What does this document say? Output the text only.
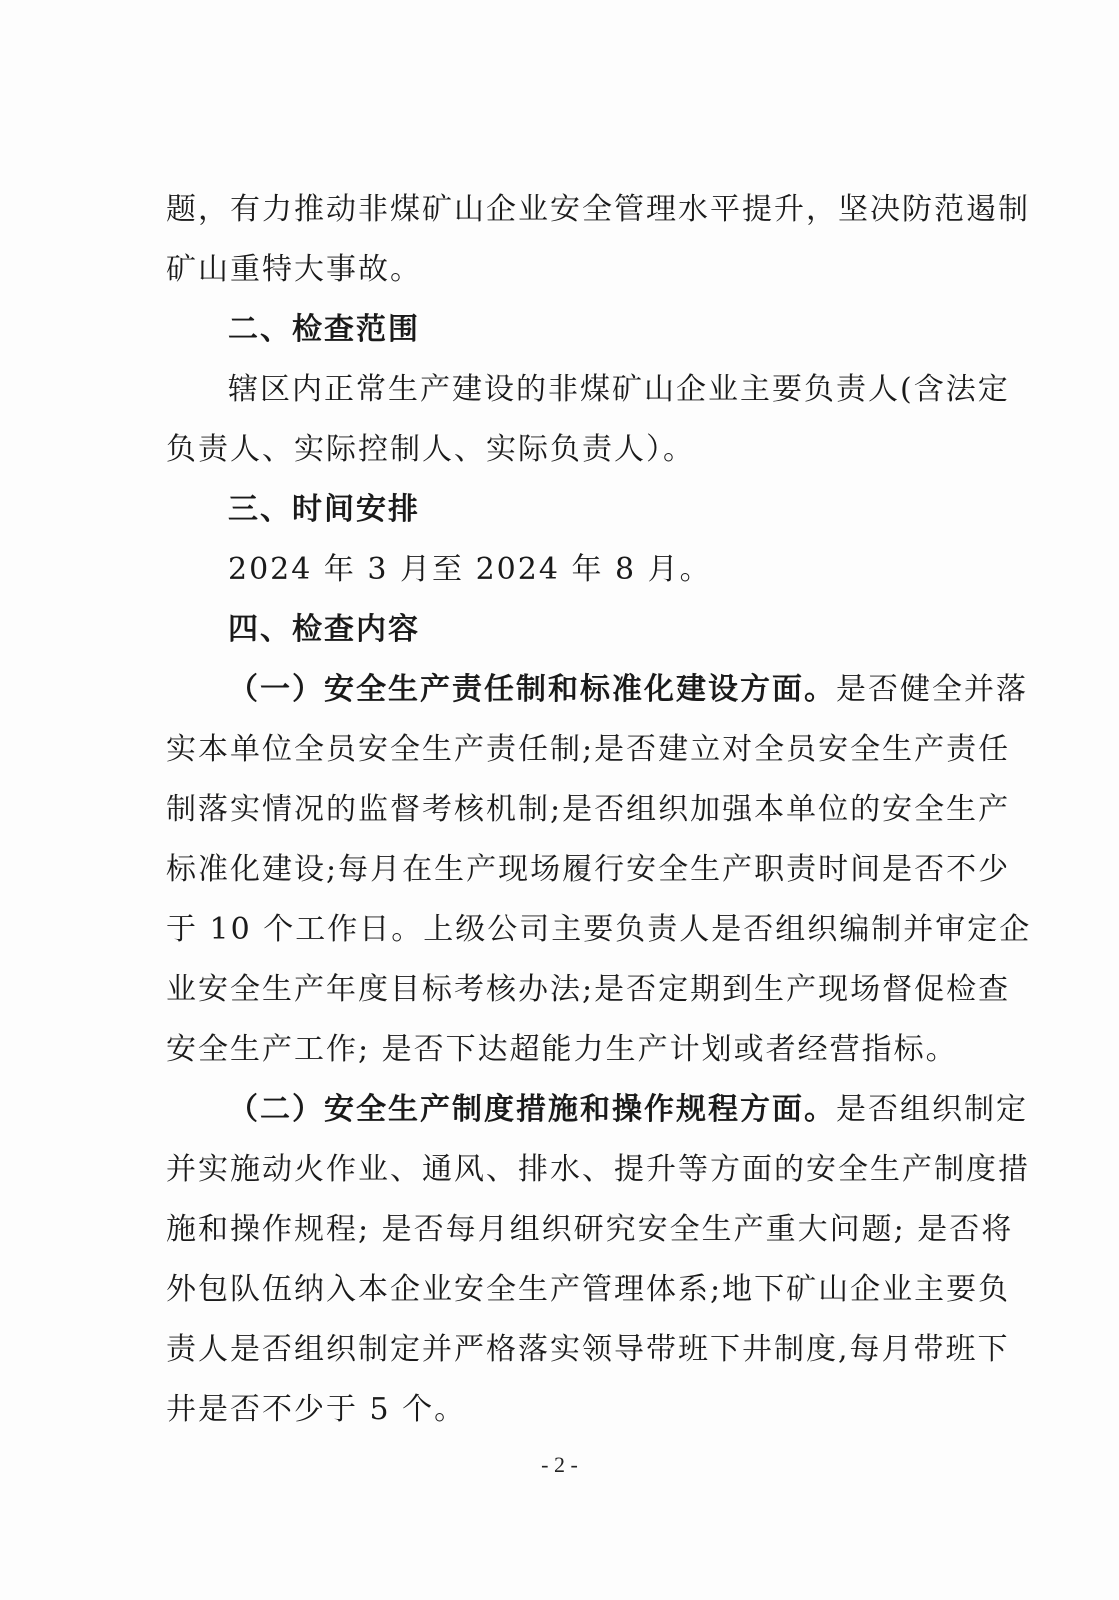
题，有力推动非煤矿山企业安全管理水平提升，坚决防范遏制
矿山重特大事故。
二、检查范围
辖区内正常生产建设的非煤矿山企业主要负责人(含法定
负责人、实际控制人、实际负责人）。
三、时间安排
2024 年 3 月至 2024 年 8 月。
四、检查内容
（一）安全生产责任制和标准化建设方面。是否健全并落
实本单位全员安全生产责任制;是否建立对全员安全生产责任
制落实情况的监督考核机制;是否组织加强本单位的安全生产
标准化建设;每月在生产现场履行安全生产职责时间是否不少
于 10 个工作日。上级公司主要负责人是否组织编制并审定企
业安全生产年度目标考核办法;是否定期到生产现场督促检查
安全生产工作; 是否下达超能力生产计划或者经营指标。
（二）安全生产制度措施和操作规程方面。是否组织制定
并实施动火作业、通风、排水、提升等方面的安全生产制度措
施和操作规程; 是否每月组织研究安全生产重大问题; 是否将
外包队伍纳入本企业安全生产管理体系;地下矿山企业主要负
责人是否组织制定并严格落实领导带班下井制度,每月带班下
井是否不少于 5 个。
- 2 -
